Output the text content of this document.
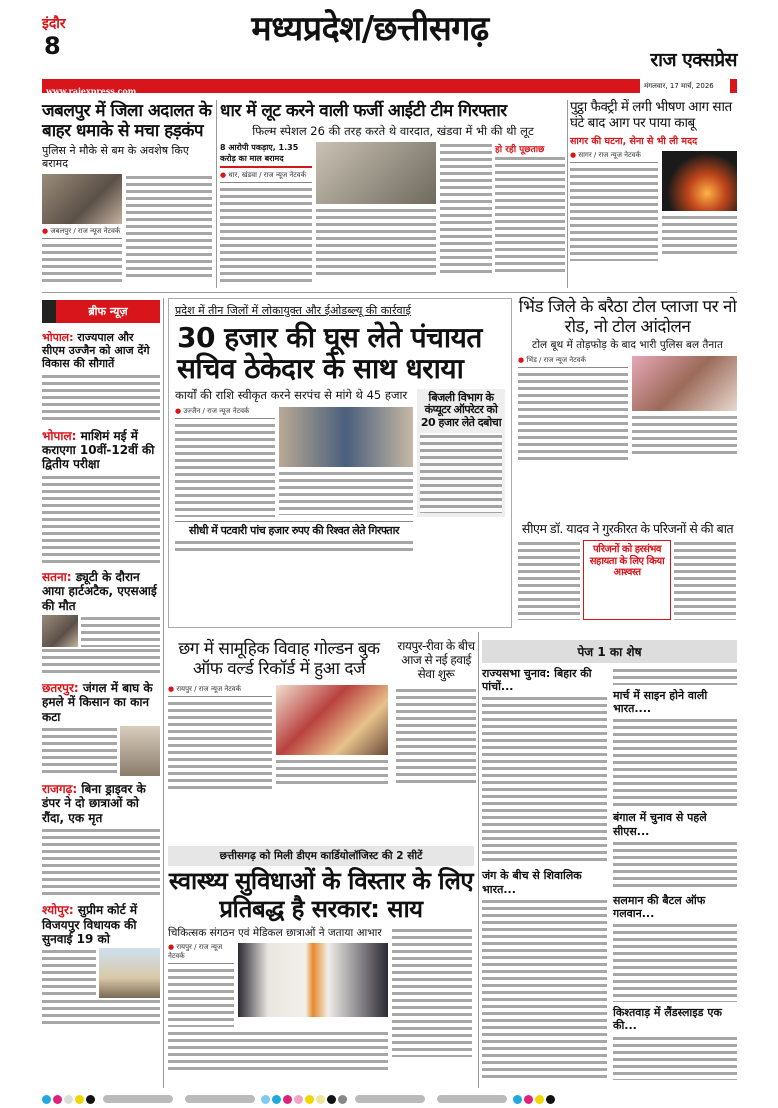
इंदौर
8	मध्यप्रदेश/छत्तीसगढ़
राज एक्सप्रेस
www.rajexpress.com	मंगलवार, 17 मार्च, 2026
जबलपुर में जिला अदालत के बाहर धमाके से मचा हड़कंप
पुलिस ने मौके से बम के अवशेष किए बरामद
● जबलपुर / राज न्यूज नेटवर्क
धार में लूट करने वाली फर्जी आईटी टीम गिरफ्तार
फिल्म स्पेशल 26 की तरह करते थे वारदात, खंडवा में भी की थी लूट
8 आरोपी पकड़ाए, 1.35 करोड़ का माल बरामद
● धार, खंडवा / राज न्यूज नेटवर्क
हो रही पूछताछ
पुट्ठा फैक्ट्री में लगी भीषण आग सात घंटे बाद आग पर पाया काबू
सागर की घटना, सेना से भी ली मदद
● सागर / राज न्यूज नेटवर्क
ब्रीफ न्यूज़
भोपाल: राज्यपाल और सीएम उज्जैन को आज देंगे विकास की सौगातें
भोपाल: माशिमं मई में कराएगा 10वीं-12वीं की द्वितीय परीक्षा
सतना: ड्यूटी के दौरान आया हार्टअटैक, एएसआई की मौत
छतरपुर: जंगल में बाघ के हमले में किसान का कान कटा
राजगढ़: बिना ड्राइवर के डंपर ने दो छात्राओं को रौंदा, एक मृत
श्योपुर: सुप्रीम कोर्ट में विजयपुर विधायक की सुनवाई 19 को
प्रदेश में तीन जिलों में लोकायुक्त और ईओडब्ल्यू की कार्रवाई
30 हजार की घूस लेते पंचायत सचिव ठेकेदार के साथ धराया
कार्यों की राशि स्वीकृत करने सरपंच से मांगे थे 45 हजार
● उज्जैन / राज न्यूज नेटवर्क
बिजली विभाग के कंप्यूटर ऑपरेटर को 20 हजार लेते दबोचा
सीधी में पटवारी पांच हजार रुपए की रिश्वत लेते गिरफ्तार
भिंड जिले के बरैठा टोल प्लाजा पर नो रोड, नो टोल आंदोलन
टोल बूथ में तोड़फोड़ के बाद भारी पुलिस बल तैनात
● भिंड / राज न्यूज नेटवर्क
सीएम डॉ. यादव ने गुरकीरत के परिजनों से की बात
परिजनों को हरसंभव सहायता के लिए किया आश्वस्त
छग में सामूहिक विवाह गोल्डन बुक ऑफ वर्ल्ड रिकॉर्ड में हुआ दर्ज
● रायपुर / राज न्यूज नेटवर्क
रायपुर-रीवा के बीच आज से नई हवाई सेवा शुरू
पेज 1 का शेष
राज्यसभा चुनाव: बिहार की पांचों...
जंग के बीच से शिवालिक भारत...
मार्च में साइन होने वाली भारत....
बंगाल में चुनाव से पहले सीएस...
सलमान की बैटल ऑफ गलवान...
किश्तवाड़ में लैंडस्लाइड एक की...
छत्तीसगढ़ को मिली डीएम कार्डियोलॉजिस्ट की 2 सीटें
स्वास्थ्य सुविधाओं के विस्तार के लिए प्रतिबद्ध है सरकार: साय
चिकित्सक संगठन एवं मेडिकल छात्राओं ने जताया आभार
● रायपुर / राज न्यूज नेटवर्क
